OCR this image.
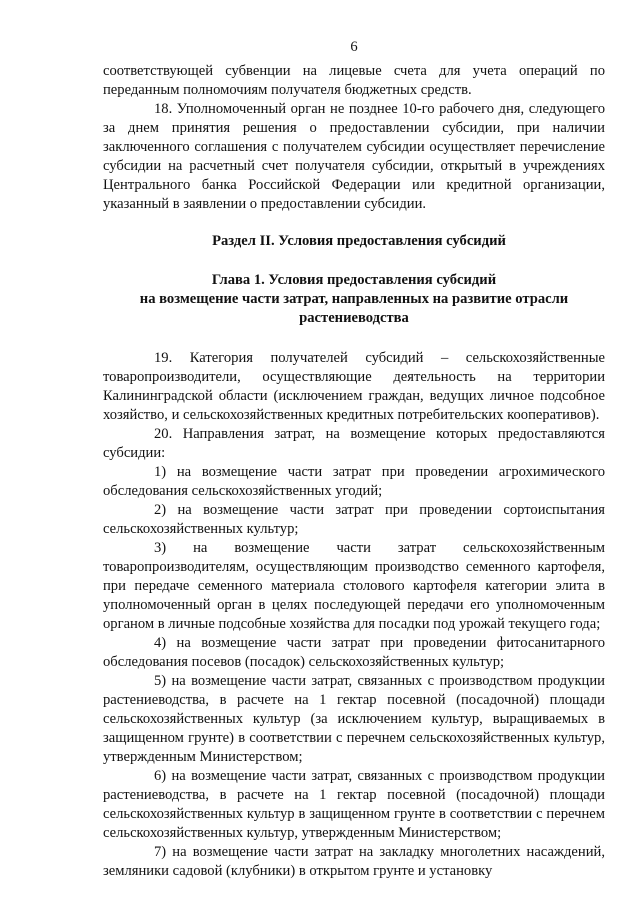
6

соответствующей субвенции на лицевые счета для учета операций по переданным полномочиям получателя бюджетных средств.

18. Уполномоченный орган не позднее 10-го рабочего дня, следующего за днем принятия решения о предоставлении субсидии, при наличии заключенного соглашения с получателем субсидии осуществляет перечисление субсидии на расчетный счет получателя субсидии, открытый в учреждениях Центрального банка Российской Федерации или кредитной организации, указанный в заявлении о предоставлении субсидии.

Раздел II. Условия предоставления субсидий
Глава 1. Условия предоставления субсидий
на возмещение части затрат, направленных на развитие отрасли
растениеводства

19. Категория получателей субсидий – сельскохозяйственные товаропроизводители, осуществляющие деятельность на территории Калининградской области (исключением граждан, ведущих личное подсобное хозяйство, и сельскохозяйственных кредитных потребительских кооперативов).

20. Направления затрат, на возмещение которых предоставляются субсидии:

1) на возмещение части затрат при проведении агрохимического обследования сельскохозяйственных угодий;

2) на возмещение части затрат при проведении сортоиспытания сельскохозяйственных культур;

3) на возмещение части затрат сельскохозяйственным товаропроизводителям, осуществляющим производство семенного картофеля, при передаче семенного материала столового картофеля категории элита в уполномоченный орган в целях последующей передачи его уполномоченным органом в личные подсобные хозяйства для посадки под урожай текущего года;

4) на возмещение части затрат при проведении фитосанитарного обследования посевов (посадок) сельскохозяйственных культур;

5) на возмещение части затрат, связанных с производством продукции растениеводства, в расчете на 1 гектар посевной (посадочной) площади сельскохозяйственных культур (за исключением культур, выращиваемых в защищенном грунте) в соответствии с перечнем сельскохозяйственных культур, утвержденным Министерством;

6) на возмещение части затрат, связанных с производством продукции растениеводства, в расчете на 1 гектар посевной (посадочной) площади сельскохозяйственных культур в защищенном грунте в соответствии с перечнем сельскохозяйственных культур, утвержденным Министерством;

7) на возмещение части затрат на закладку многолетних насаждений, земляники садовой (клубники) в открытом грунте и установку
